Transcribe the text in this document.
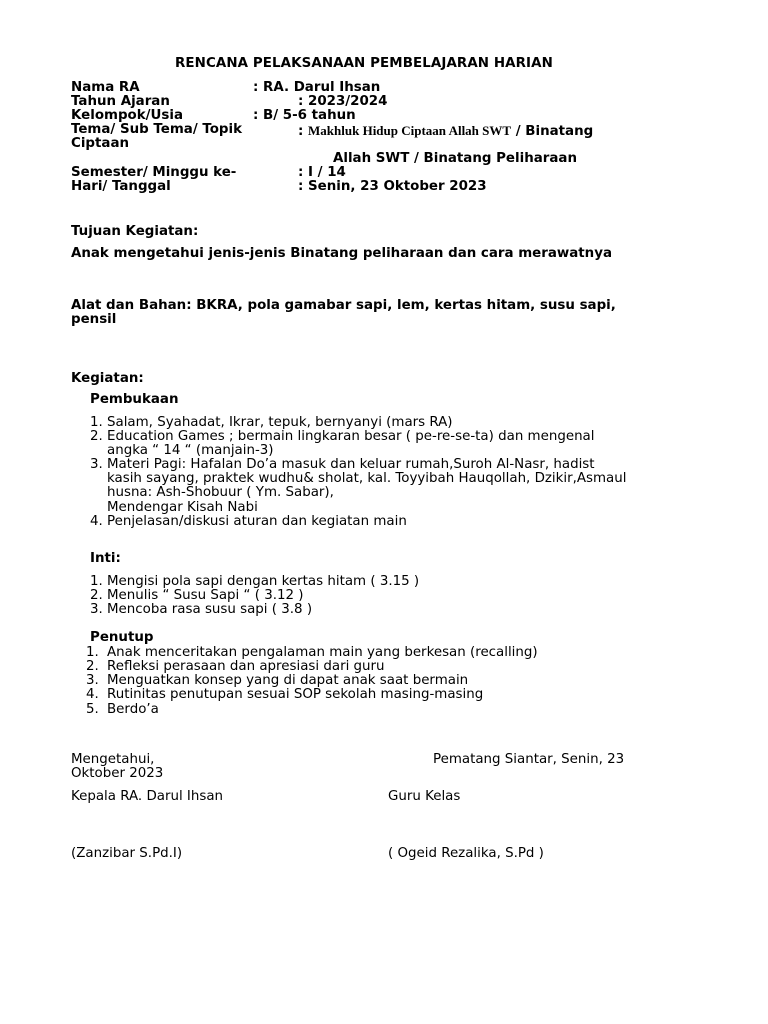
RENCANA PELAKSANAAN PEMBELAJARAN HARIAN
Nama RA	: RA. Darul Ihsan
Tahun Ajaran	: 2023/2024
Kelompok/Usia	: B/ 5-6 tahun
Tema/ Sub Tema/ Topik	: Makhluk Hidup Ciptaan Allah SWT / Binatang
Ciptaan
Allah SWT / Binatang Peliharaan
Semester/ Minggu ke-	: I / 14
Hari/ Tanggal	: Senin, 23 Oktober 2023
Tujuan Kegiatan:
Anak mengetahui jenis-jenis Binatang peliharaan dan cara merawatnya
Alat dan Bahan: BKRA, pola gamabar sapi, lem, kertas hitam, susu sapi,
pensil
Kegiatan:
Pembukaan
1. Salam, Syahadat, Ikrar, tepuk, bernyanyi (mars RA)
2. Education Games ; bermain lingkaran besar ( pe-re-se-ta) dan mengenal
angka “ 14 “ (manjain-3)
3. Materi Pagi: Hafalan Do’a masuk dan keluar rumah,Suroh Al-Nasr, hadist
kasih sayang, praktek wudhu& sholat, kal. Toyyibah Hauqollah, Dzikir,Asmaul
husna: Ash-Shobuur ( Ym. Sabar),
Mendengar Kisah Nabi
4. Penjelasan/diskusi aturan dan kegiatan main
Inti:
1. Mengisi pola sapi dengan kertas hitam ( 3.15 )
2. Menulis “ Susu Sapi “ ( 3.12 )
3. Mencoba rasa susu sapi ( 3.8 )
Penutup
1. Anak menceritakan pengalaman main yang berkesan (recalling)
2. Refleksi perasaan dan apresiasi dari guru
3. Menguatkan konsep yang di dapat anak saat bermain
4. Rutinitas penutupan sesuai SOP sekolah masing-masing
5. Berdo’a
Mengetahui,	Pematang Siantar, Senin, 23
Oktober 2023
Kepala RA. Darul Ihsan	Guru Kelas
(Zanzibar S.Pd.I)	( Ogeid Rezalika, S.Pd )
